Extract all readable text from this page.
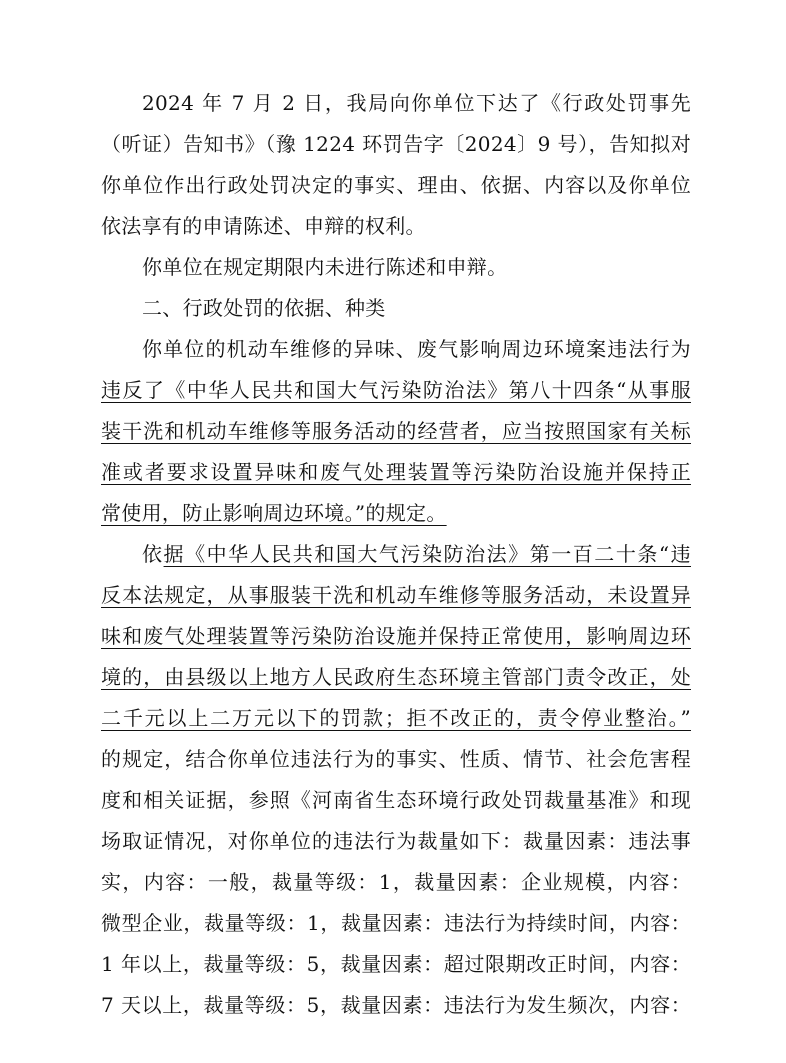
2024 年 7 月 2 日，我局向你单位下达了《行政处罚事先
（听证）告知书》（豫 1224 环罚告字〔2024〕9 号），告知拟对
你单位作出行政处罚决定的事实、理由、依据、内容以及你单位
依法享有的申请陈述、申辩的权利。
你单位在规定期限内未进行陈述和申辩。
二、行政处罚的依据、种类
你单位的机动车维修的异味、废气影响周边环境案违法行为
违反了《中华人民共和国大气污染防治法》第八十四条“从事服
装干洗和机动车维修等服务活动的经营者，应当按照国家有关标
准或者要求设置异味和废气处理装置等污染防治设施并保持正
常使用，防止影响周边环境。”的规定。
依据《中华人民共和国大气污染防治法》第一百二十条“违
反本法规定，从事服装干洗和机动车维修等服务活动，未设置异
味和废气处理装置等污染防治设施并保持正常使用，影响周边环
境的，由县级以上地方人民政府生态环境主管部门责令改正，处
二千元以上二万元以下的罚款；拒不改正的，责令停业整治。”
的规定，结合你单位违法行为的事实、性质、情节、社会危害程
度和相关证据，参照《河南省生态环境行政处罚裁量基准》和现
场取证情况，对你单位的违法行为裁量如下：裁量因素：违法事
实，内容：一般，裁量等级：1，裁量因素：企业规模，内容：
微型企业，裁量等级：1，裁量因素：违法行为持续时间，内容：
1 年以上，裁量等级：5，裁量因素：超过限期改正时间，内容：
7 天以上，裁量等级：5，裁量因素：违法行为发生频次，内容：
